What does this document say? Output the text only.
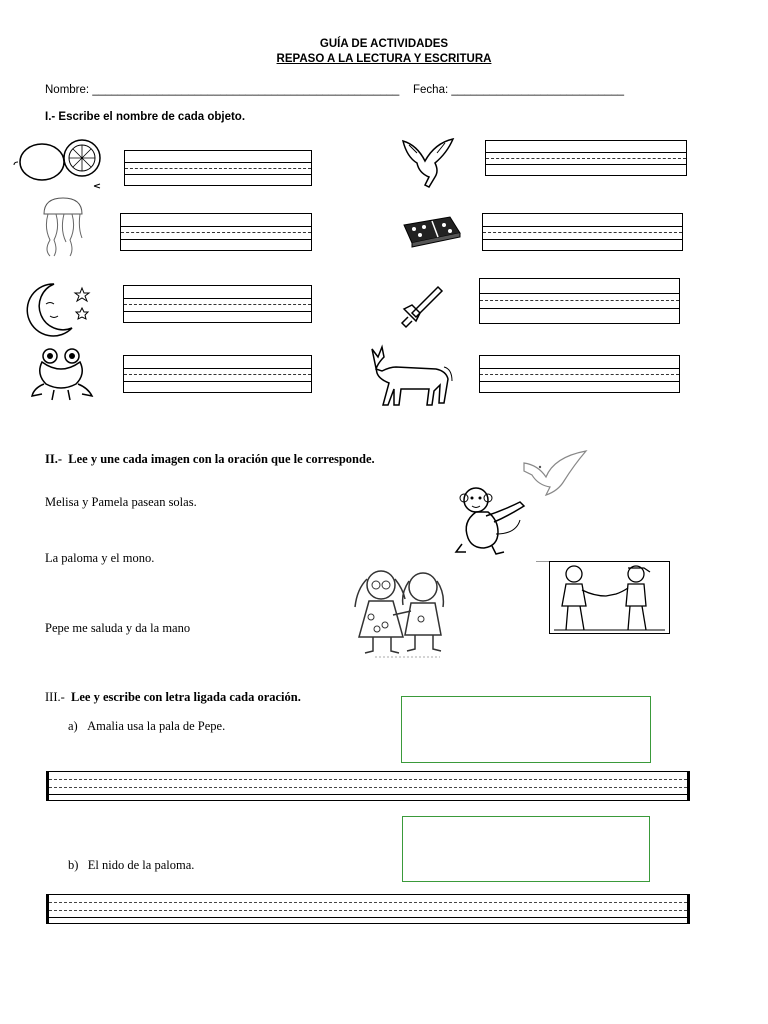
GUÍA DE ACTIVIDADES
REPASO A LA LECTURA Y ESCRITURA
Nombre: ________________________________________________ Fecha: ___________________________
I.- Escribe el nombre de cada objeto.
II.- Lee y une cada imagen con la oración que le corresponde.
Melisa y Pamela pasean solas.
La paloma y el mono.
Pepe me saluda y da la mano
III.- Lee y escribe con letra ligada cada oración.
a) Amalia usa la pala de Pepe.
b) El nido de la paloma.
